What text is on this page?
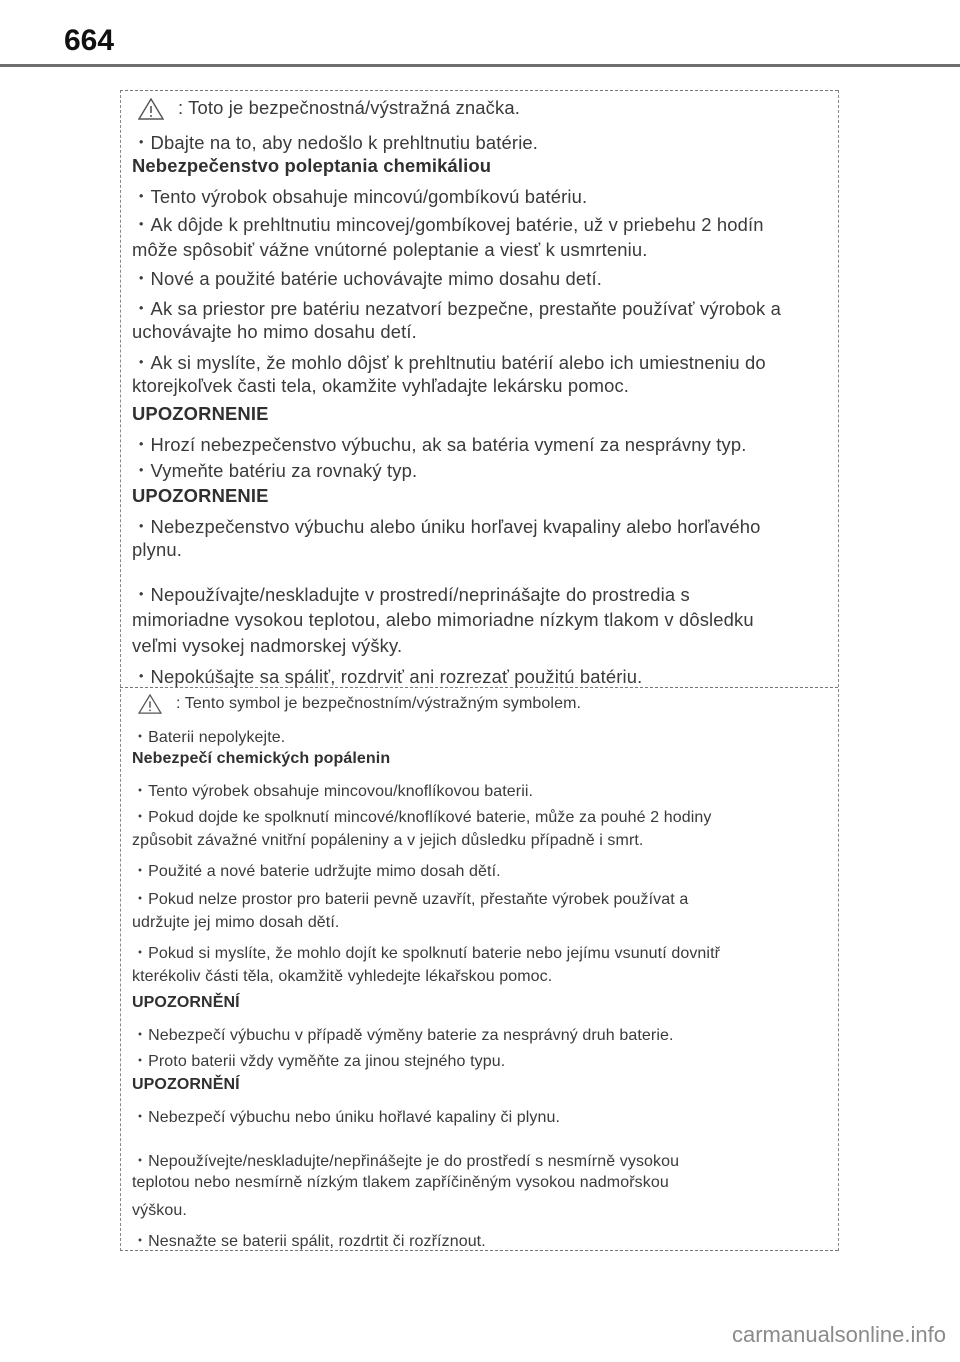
664
: Toto je bezpečnostná/výstražná značka.
・Dbajte na to, aby nedošlo k prehltnutiu batérie.
Nebezpečenstvo poleptania chemikáliou
・Tento výrobok obsahuje mincovú/gombíkovú batériu.
・Ak dôjde k prehltnutiu mincovej/gombíkovej batérie, už v priebehu 2 hodín
môže spôsobiť vážne vnútorné poleptanie a viesť k usmrteniu.
・Nové a použité batérie uchovávajte mimo dosahu detí.
・Ak sa priestor pre batériu nezatvorí bezpečne, prestaňte používať výrobok a
uchovávajte ho mimo dosahu detí.
・Ak si myslíte, že mohlo dôjsť k prehltnutiu batérií alebo ich umiestneniu do
ktorejkoľvek časti tela, okamžite vyhľadajte lekársku pomoc.
UPOZORNENIE
・Hrozí nebezpečenstvo výbuchu, ak sa batéria vymení za nesprávny typ.
・Vymeňte batériu za rovnaký typ.
UPOZORNENIE
・Nebezpečenstvo výbuchu alebo úniku horľavej kvapaliny alebo horľavého
plynu.
・Nepoužívajte/neskladujte v prostredí/neprinášajte do prostredia s
mimoriadne vysokou teplotou, alebo mimoriadne nízkym tlakom v dôsledku
veľmi vysokej nadmorskej výšky.
・Nepokúšajte sa spáliť, rozdrviť ani rozrezať použitú batériu.
: Tento symbol je bezpečnostním/výstražným symbolem.
・Baterii nepolykejte.
Nebezpečí chemických popálenin
・Tento výrobek obsahuje mincovou/knoflíkovou baterii.
・Pokud dojde ke spolknutí mincové/knoflíkové baterie, může za pouhé 2 hodiny
způsobit závažné vnitřní popáleniny a v jejich důsledku případně i smrt.
・Použité a nové baterie udržujte mimo dosah dětí.
・Pokud nelze prostor pro baterii pevně uzavřít, přestaňte výrobek používat a
udržujte jej mimo dosah dětí.
・Pokud si myslíte, že mohlo dojít ke spolknutí baterie nebo jejímu vsunutí dovnitř
kterékoliv části těla, okamžitě vyhledejte lékařskou pomoc.
UPOZORNĚNÍ
・Nebezpečí výbuchu v případě výměny baterie za nesprávný druh baterie.
・Proto baterii vždy vyměňte za jinou stejného typu.
UPOZORNĚNÍ
・Nebezpečí výbuchu nebo úniku hořlavé kapaliny či plynu.
・Nepoužívejte/neskladujte/nepřinášejte je do prostředí s nesmírně vysokou
teplotou nebo nesmírně nízkým tlakem zapříčiněným vysokou nadmořskou
výškou.
・Nesnažte se baterii spálit, rozdrtit či rozříznout.
carmanualsonline.info
